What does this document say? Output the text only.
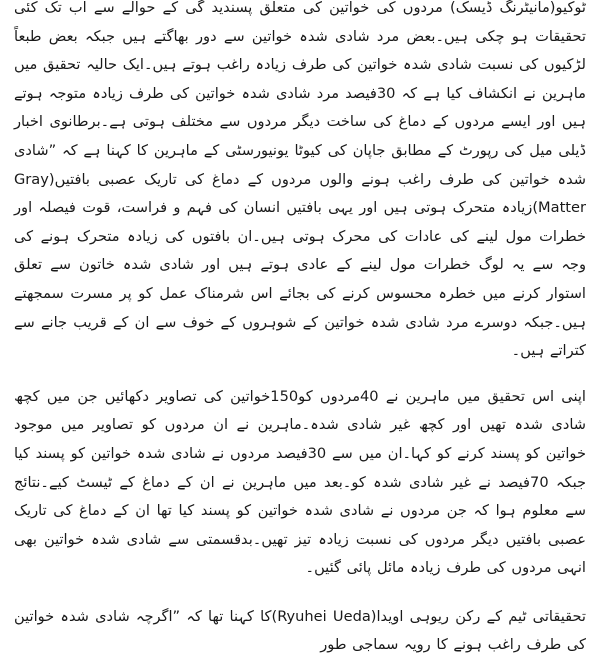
ٹوکیو(مانیٹرنگ ڈیسک) مردوں کی خواتین کی متعلق پسندید گی کے حوالے سے اب تک کئی تحقیقات ہو چکی ہیں۔بعض مرد شادی شدہ خواتین سے دور بھاگتے ہیں جبکہ بعض طبعاً لڑکیوں کی نسبت شادی شدہ خواتین کی طرف زیادہ راغب ہوتے ہیں۔ایک حالیہ تحقیق میں ماہرین نے انکشاف کیا ہے کہ 30فیصد مرد شادی شدہ خواتین کی طرف زیادہ متوجہ ہوتے ہیں اور ایسے مردوں کے دماغ کی ساخت دیگر مردوں سے مختلف ہوتی ہے۔برطانوی اخبار ڈیلی میل کی رپورٹ کے مطابق جاپان کی کیوٹا یونیورسٹی کے ماہرین کا کہنا ہے کہ ”شادی شدہ خواتین کی طرف راغب ہونے والوں مردوں کے دماغ کی تاریک عصبی بافتیں(Gray Matter)زیادہ متحرک ہوتی ہیں اور یہی بافتیں انسان کی فہم و فراست، قوت فیصلہ اور خطرات مول لینے کی عادات کی محرک ہوتی ہیں۔ان بافتوں کی زیادہ متحرک ہونے کی وجہ سے یہ لوگ خطرات مول لینے کے عادی ہوتے ہیں اور شادی شدہ خاتون سے تعلق استوار کرنے میں خطرہ محسوس کرنے کی بجائے اس شرمناک عمل کو پر مسرت سمجھتے ہیں۔جبکہ دوسرے مرد شادی شدہ خواتین کے شوہروں کے خوف سے ان کے قریب جانے سے کتراتے ہیں۔

اپنی اس تحقیق میں ماہرین نے 40مردوں کو150خواتین کی تصاویر دکھائیں جن میں کچھ شادی شدہ تھیں اور کچھ غیر شادی شدہ۔ماہرین نے ان مردوں کو تصاویر میں موجود خواتین کو پسند کرنے کو کہا۔ان میں سے 30فیصد مردوں نے شادی شدہ خواتین کو پسند کیا جبکہ 70فیصد نے غیر شادی شدہ کو۔بعد میں ماہرین نے ان کے دماغ کے ٹیسٹ کیے۔نتائج سے معلوم ہوا کہ جن مردوں نے شادی شدہ خواتین کو پسند کیا تھا ان کے دماغ کی تاریک عصبی بافتیں دیگر مردوں کی نسبت زیادہ تیز تھیں۔بدقسمتی سے شادی شدہ خواتین بھی انہی مردوں کی طرف زیادہ مائل پائی گئیں۔

تحقیقاتی ٹیم کے رکن ریوہی اویدا(Ryuhei Ueda)کا کہنا تھا کہ ”اگرچہ شادی شدہ خواتین کی طرف راغب ہونے کا رویہ سماجی طور
